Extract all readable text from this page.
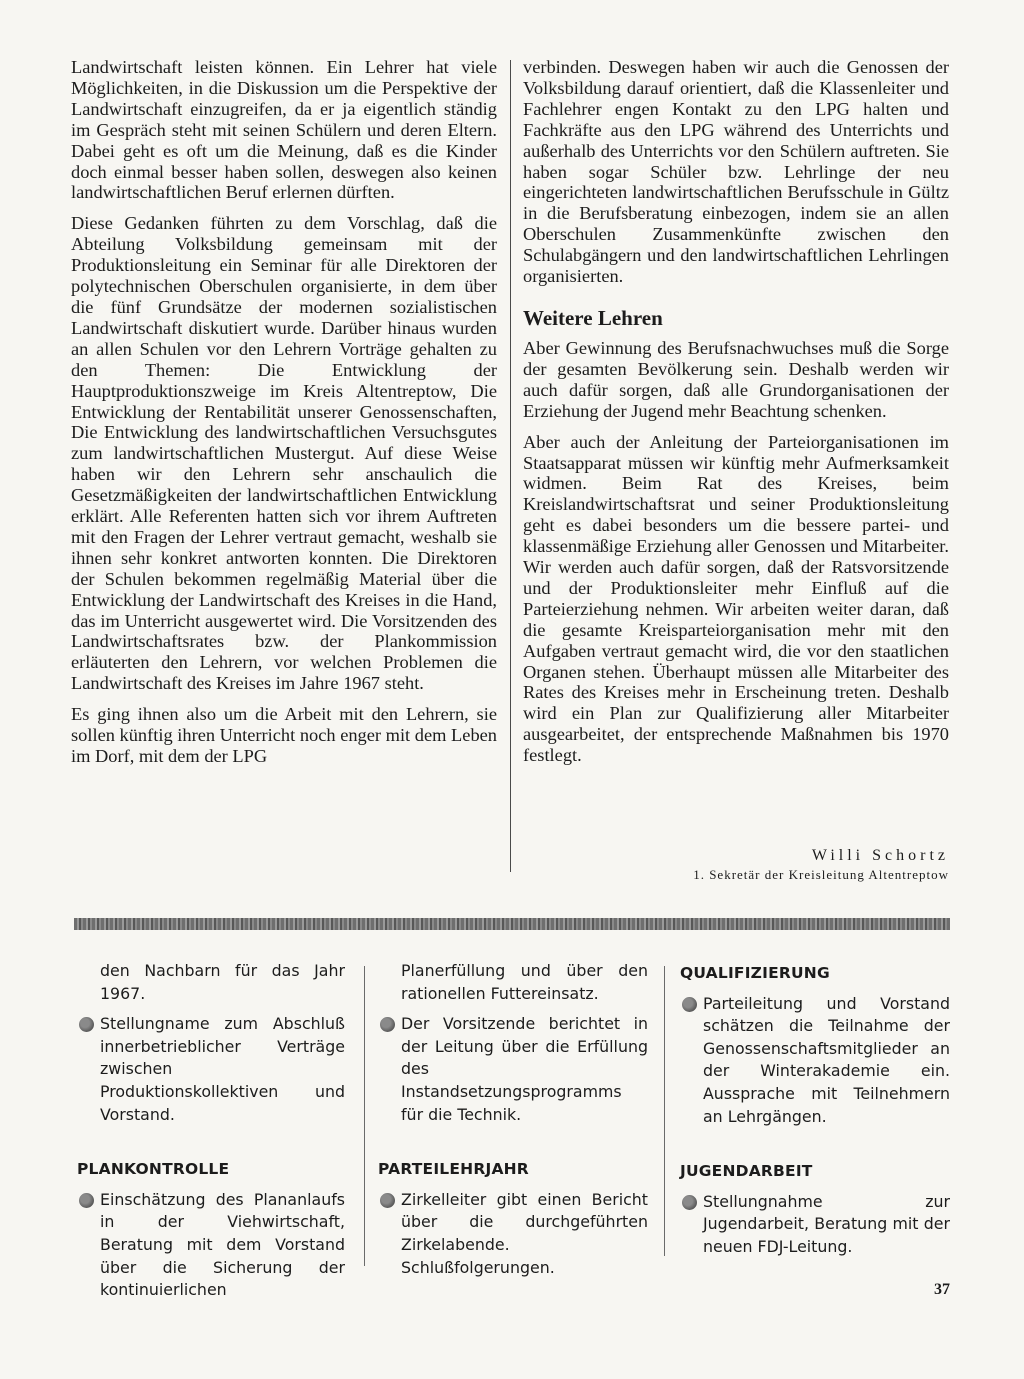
Landwirtschaft leisten können. Ein Lehrer hat viele Möglichkeiten, in die Diskussion um die Perspektive der Landwirtschaft einzugreifen, da er ja eigentlich ständig im Gespräch steht mit seinen Schülern und deren Eltern. Dabei geht es oft um die Meinung, daß es die Kinder doch einmal besser haben sollen, deswegen also keinen landwirtschaftlichen Beruf erlernen dürften.

Diese Gedanken führten zu dem Vorschlag, daß die Abteilung Volksbildung gemeinsam mit der Produktionsleitung ein Seminar für alle Direktoren der polytechnischen Oberschulen organisierte, in dem über die fünf Grundsätze der modernen sozialistischen Landwirtschaft diskutiert wurde. Darüber hinaus wurden an allen Schulen vor den Lehrern Vorträge gehalten zu den Themen: Die Entwicklung der Hauptproduktionszweige im Kreis Altentreptow, Die Entwicklung der Rentabilität unserer Genossenschaften, Die Entwicklung des landwirtschaftlichen Versuchsgutes zum landwirtschaftlichen Mustergut. Auf diese Weise haben wir den Lehrern sehr anschaulich die Gesetzmäßigkeiten der landwirtschaftlichen Entwicklung erklärt. Alle Referenten hatten sich vor ihrem Auftreten mit den Fragen der Lehrer vertraut gemacht, weshalb sie ihnen sehr konkret antworten konnten. Die Direktoren der Schulen bekommen regelmäßig Material über die Entwicklung der Landwirtschaft des Kreises in die Hand, das im Unterricht ausgewertet wird. Die Vorsitzenden des Landwirtschaftsrates bzw. der Plankommission erläuterten den Lehrern, vor welchen Problemen die Landwirtschaft des Kreises im Jahre 1967 steht.

Es ging ihnen also um die Arbeit mit den Lehrern, sie sollen künftig ihren Unterricht noch enger mit dem Leben im Dorf, mit dem der LPG

verbinden. Deswegen haben wir auch die Genossen der Volksbildung darauf orientiert, daß die Klassenleiter und Fachlehrer engen Kontakt zu den LPG halten und Fachkräfte aus den LPG während des Unterrichts und außerhalb des Unterrichts vor den Schülern auftreten. Sie haben sogar Schüler bzw. Lehrlinge der neu eingerichteten landwirtschaftlichen Berufsschule in Gültz in die Berufsberatung einbezogen, indem sie an allen Oberschulen Zusammenkünfte zwischen den Schulabgängern und den landwirtschaftlichen Lehrlingen organisierten.

Weitere Lehren

Aber Gewinnung des Berufsnachwuchses muß die Sorge der gesamten Bevölkerung sein. Deshalb werden wir auch dafür sorgen, daß alle Grundorganisationen der Erziehung der Jugend mehr Beachtung schenken.

Aber auch der Anleitung der Parteiorganisationen im Staatsapparat müssen wir künftig mehr Aufmerksamkeit widmen. Beim Rat des Kreises, beim Kreislandwirtschaftsrat und seiner Produktionsleitung geht es dabei besonders um die bessere partei- und klassenmäßige Erziehung aller Genossen und Mitarbeiter. Wir werden auch dafür sorgen, daß der Ratsvorsitzende und der Produktionsleiter mehr Einfluß auf die Parteierziehung nehmen. Wir arbeiten weiter daran, daß die gesamte Kreisparteiorganisation mehr mit den Aufgaben vertraut gemacht wird, die vor den staatlichen Organen stehen. Überhaupt müssen alle Mitarbeiter des Rates des Kreises mehr in Erscheinung treten. Deshalb wird ein Plan zur Qualifizierung aller Mitarbeiter ausgearbeitet, der entsprechende Maßnahmen bis 1970 festlegt.

Willi Schortz
1. Sekretär der Kreisleitung Altentreptow
den Nachbarn für das Jahr 1967.
Stellungname zum Abschluß innerbetrieblicher Verträge zwischen Produktionskollektiven und Vorstand.
PLANKONTROLLE
Einschätzung des Plananlaufs in der Viehwirtschaft, Beratung mit dem Vorstand über die Sicherung der kontinuierlichen
Planerfüllung und über den rationellen Futtereinsatz.
Der Vorsitzende berichtet in der Leitung über die Erfüllung des Instandsetzungsprogramms für die Technik.
PARTEILEHRJAHR
Zirkelleiter gibt einen Bericht über die durchgeführten Zirkelabende. Schlußfolgerungen.
QUALIFIZIERUNG
Parteileitung und Vorstand schätzen die Teilnahme der Genossenschaftsmitglieder an der Winterakademie ein. Aussprache mit Teilnehmern an Lehrgängen.
JUGENDARBEIT
Stellungnahme zur Jugendarbeit, Beratung mit der neuen FDJ-Leitung.
37
